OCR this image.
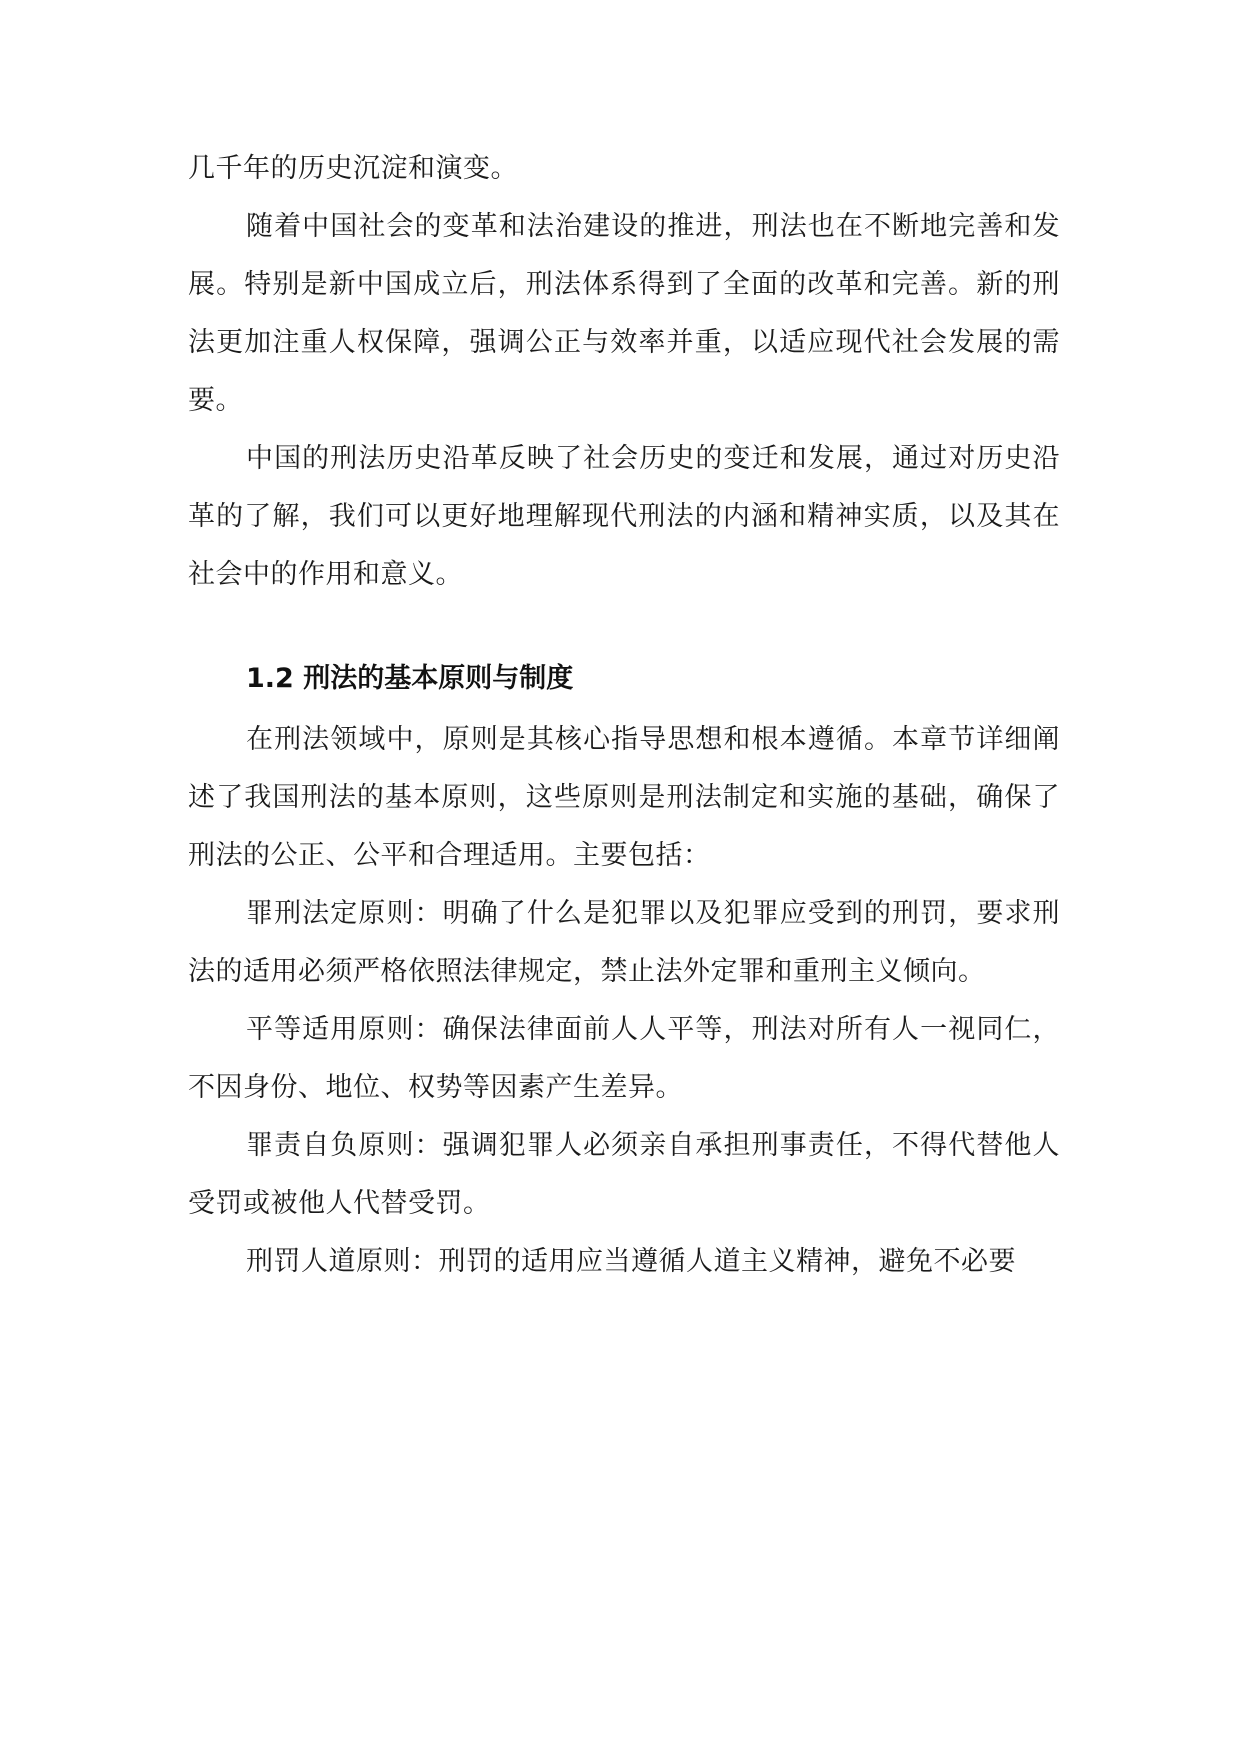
几千年的历史沉淀和演变。

随着中国社会的变革和法治建设的推进，刑法也在不断地完善和发展。特别是新中国成立后，刑法体系得到了全面的改革和完善。新的刑法更加注重人权保障，强调公正与效率并重，以适应现代社会发展的需要。

中国的刑法历史沿革反映了社会历史的变迁和发展，通过对历史沿革的了解，我们可以更好地理解现代刑法的内涵和精神实质，以及其在社会中的作用和意义。

1.2 刑法的基本原则与制度

在刑法领域中，原则是其核心指导思想和根本遵循。本章节详细阐述了我国刑法的基本原则，这些原则是刑法制定和实施的基础，确保了刑法的公正、公平和合理适用。主要包括：

罪刑法定原则：明确了什么是犯罪以及犯罪应受到的刑罚，要求刑法的适用必须严格依照法律规定，禁止法外定罪和重刑主义倾向。

平等适用原则：确保法律面前人人平等，刑法对所有人一视同仁，不因身份、地位、权势等因素产生差异。

罪责自负原则：强调犯罪人必须亲自承担刑事责任，不得代替他人受罚或被他人代替受罚。

刑罚人道原则：刑罚的适用应当遵循人道主义精神，避免不必要
